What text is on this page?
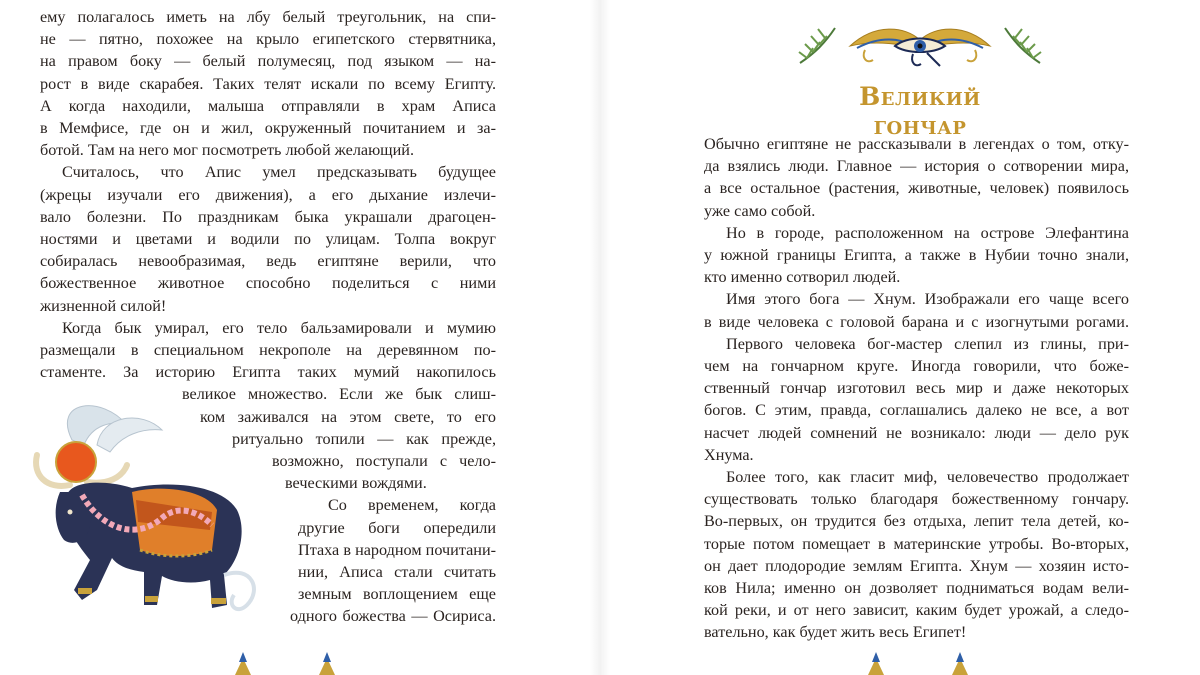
ему полагалось иметь на лбу белый треугольник, на спи-
не — пятно, похожее на крыло египетского стервятника,
на правом боку — белый полумесяц, под языком — на-
рост в виде скарабея. Таких телят искали по всему Египту.
А когда находили, малыша отправляли в храм Аписа
в Мемфисе, где он и жил, окруженный почитанием и за-
ботой. Там на него мог посмотреть любой желающий.
Считалось, что Апис умел предсказывать будущее
(жрецы изучали его движения), а его дыхание излечи-
вало болезни. По праздникам быка украшали драгоцен-
ностями и цветами и водили по улицам. Толпа вокруг
собиралась невообразимая, ведь египтяне верили, что
божественное животное способно поделиться с ними
жизненной силой!
Когда бык умирал, его тело бальзамировали и мумию
размещали в специальном некрополе на деревянном по-
стаменте. За историю Египта таких мумий накопилось
великое множество. Если же бык слиш-
ком заживался на этом свете, то его
ритуально топили — как прежде,
возможно, поступали с чело-
веческими вождями.
Со временем, когда
другие боги опередили
Птаха в народном почитани-
нии, Аписа стали считать
земным воплощением еще
одного божества — Осириса.
Великий гончар
Обычно египтяне не рассказывали в легендах о том, отку-
да взялись люди. Главное — история о сотворении мира,
а все остальное (растения, животные, человек) появилось
уже само собой.
Но в городе, расположенном на острове Элефантина
у южной границы Египта, а также в Нубии точно знали,
кто именно сотворил людей.
Имя этого бога — Хнум. Изображали его чаще всего
в виде человека с головой барана и с изогнутыми рогами.
Первого человека бог-мастер слепил из глины, при-
чем на гончарном круге. Иногда говорили, что боже-
ственный гончар изготовил весь мир и даже некоторых
богов. С этим, правда, соглашались далеко не все, а вот
насчет людей сомнений не возникало: люди — дело рук
Хнума.
Более того, как гласит миф, человечество продолжает
существовать только благодаря божественному гончару.
Во-первых, он трудится без отдыха, лепит тела детей, ко-
торые потом помещает в материнские утробы. Во-вторых,
он дает плодородие землям Египта. Хнум — хозяин исто-
ков Нила; именно он дозволяет подниматься водам вели-
кой реки, и от него зависит, каким будет урожай, а следо-
вательно, как будет жить весь Египет!
